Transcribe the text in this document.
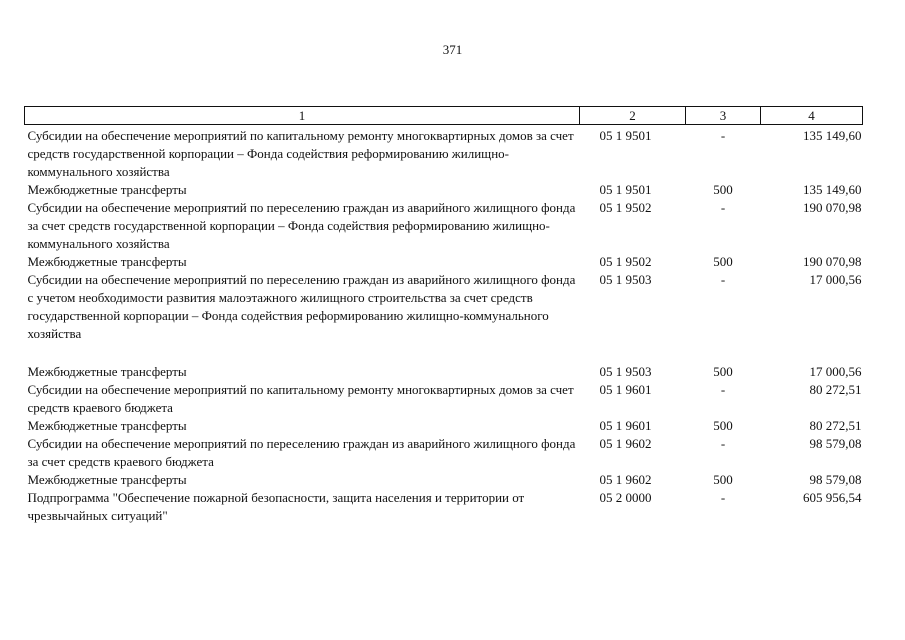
371
1	2	3	4
Субсидии на обеспечение мероприятий по капитальному ремонту многоквартирных домов за счет средств государственной корпорации – Фонда содействия реформированию жилищно-коммунального хозяйства	05 1 9501	-	135 149,60
Межбюджетные трансферты	05 1 9501	500	135 149,60
Субсидии на обеспечение мероприятий по переселению граждан из аварийного жилищного фонда за счет средств государственной корпорации – Фонда содействия реформированию жилищно-коммунального хозяйства	05 1 9502	-	190 070,98
Межбюджетные трансферты	05 1 9502	500	190 070,98
Субсидии на обеспечение мероприятий по переселению граждан из аварийного жилищного фонда с учетом необходимости развития малоэтажного жилищного строительства за счет средств государственной корпорации – Фонда содействия реформированию жилищно-коммунального хозяйства	05 1 9503	-	17 000,56
Межбюджетные трансферты	05 1 9503	500	17 000,56
Субсидии на обеспечение мероприятий по капитальному ремонту многоквартирных домов за счет средств краевого бюджета	05 1 9601	-	80 272,51
Межбюджетные трансферты	05 1 9601	500	80 272,51
Субсидии на обеспечение мероприятий по переселению граждан из аварийного жилищного фонда за счет средств краевого бюджета	05 1 9602	-	98 579,08
Межбюджетные трансферты	05 1 9602	500	98 579,08
Подпрограмма "Обеспечение пожарной безопасности, защита населения и территории от чрезвычайных ситуаций"	05 2 0000	-	605 956,54
